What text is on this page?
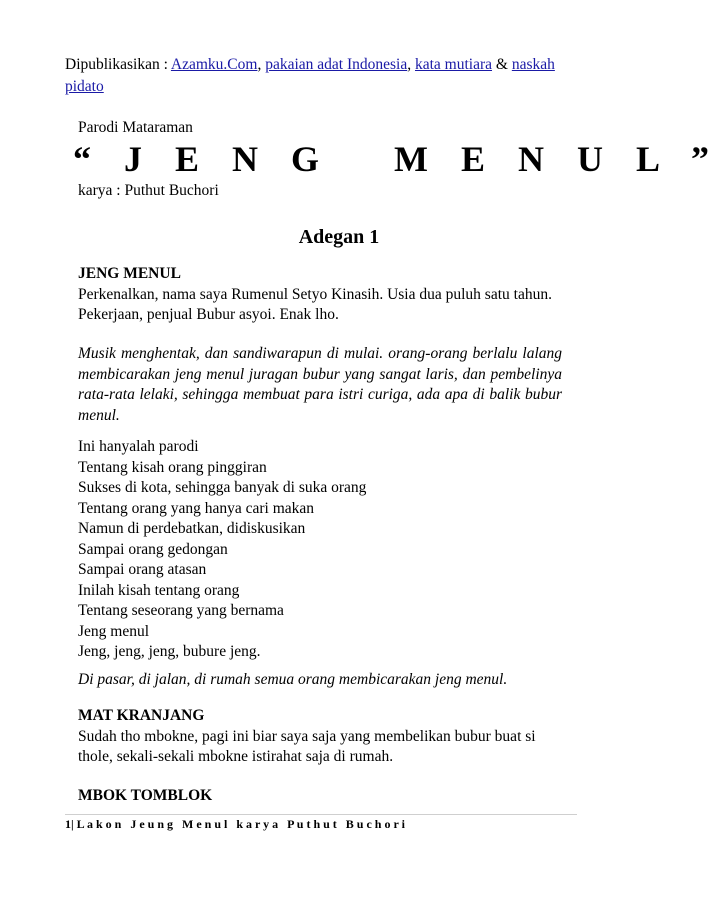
Dipublikasikan : Azamku.Com, pakaian adat Indonesia, kata mutiara & naskah pidato
Parodi Mataraman
“ J E N G   M E N U L ”
karya : Puthut Buchori
Adegan 1
JENG MENUL
Perkenalkan, nama saya Rumenul Setyo Kinasih. Usia dua puluh satu tahun. Pekerjaan, penjual Bubur asyoi. Enak lho.
Musik menghentak, dan sandiwarapun di mulai. orang-orang berlalu lalang membicarakan jeng menul juragan bubur yang sangat laris, dan pembelinya rata-rata lelaki, sehingga membuat para istri curiga, ada apa di balik bubur menul.
Ini hanyalah parodi
Tentang kisah orang pinggiran
Sukses di kota, sehingga banyak di suka orang
Tentang orang yang hanya cari makan
Namun di perdebatkan, didiskusikan
Sampai orang gedongan
Sampai orang atasan
Inilah kisah tentang orang
Tentang seseorang yang bernama
Jeng menul
Jeng, jeng, jeng, bubure jeng.
Di pasar, di jalan, di rumah semua orang membicarakan jeng menul.
MAT KRANJANG
Sudah tho mbokne, pagi ini biar saya saja yang membelikan bubur buat si thole, sekali-sekali mbokne istirahat saja di rumah.
MBOK TOMBLOK
1| L a k o n   J e u n g   M e n u l   k a r y a   P u t h u t   B u c h o r i
